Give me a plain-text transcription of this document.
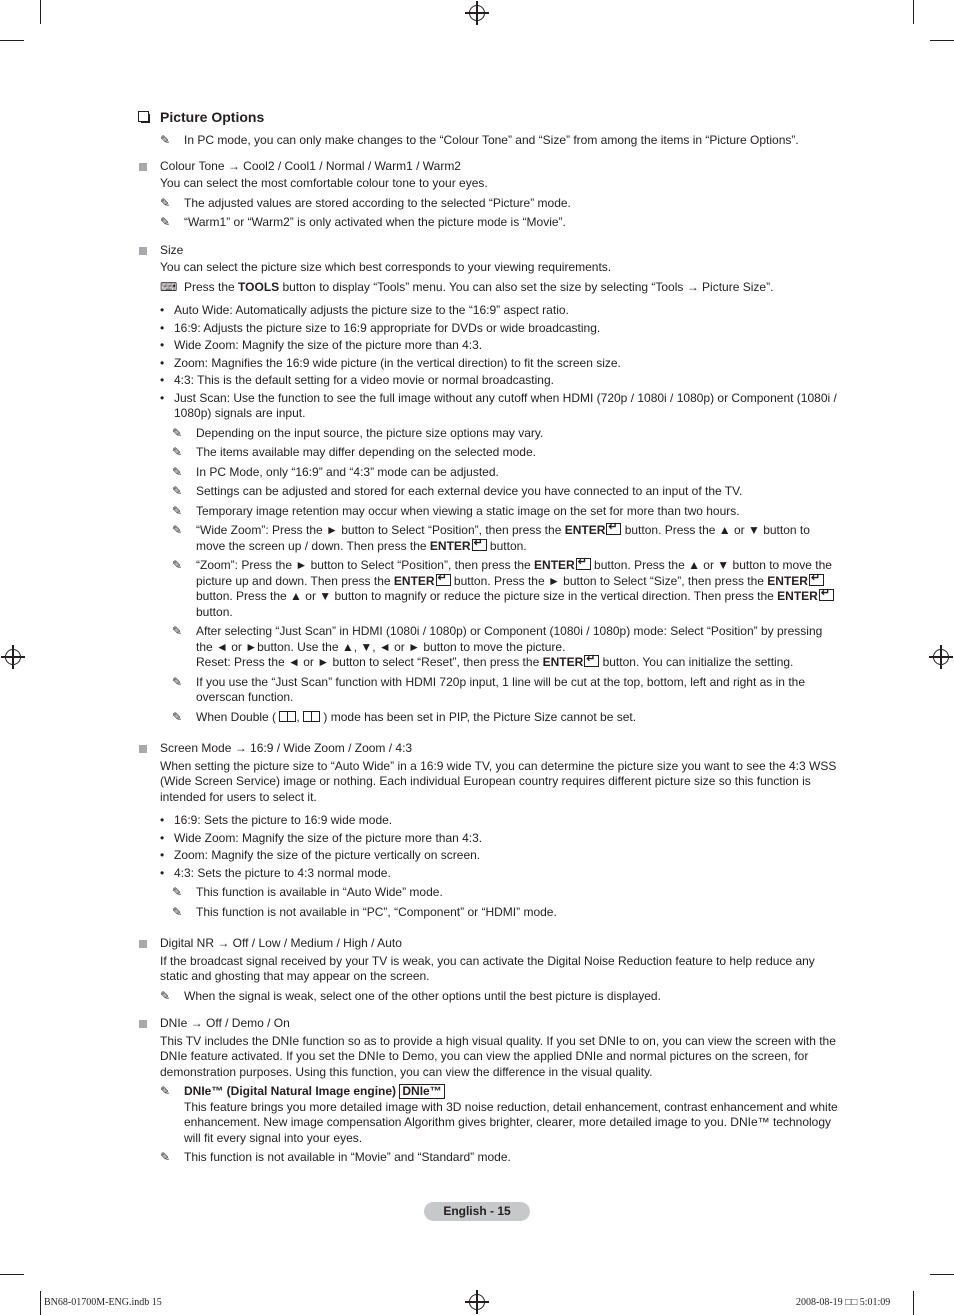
Picture Options
✎ In PC mode, you can only make changes to the “Colour Tone” and “Size” from among the items in “Picture Options”.
Colour Tone → Cool2 / Cool1 / Normal / Warm1 / Warm2
You can select the most comfortable colour tone to your eyes.
✎ The adjusted values are stored according to the selected “Picture” mode.
✎ “Warm1” or “Warm2” is only activated when the picture mode is “Movie”.
Size
You can select the picture size which best corresponds to your viewing requirements.
⌨ Press the TOOLS button to display “Tools” menu. You can also set the size by selecting “Tools → Picture Size”.
• Auto Wide: Automatically adjusts the picture size to the “16:9” aspect ratio.
• 16:9: Adjusts the picture size to 16:9 appropriate for DVDs or wide broadcasting.
• Wide Zoom: Magnify the size of the picture more than 4:3.
• Zoom: Magnifies the 16:9 wide picture (in the vertical direction) to fit the screen size.
• 4:3: This is the default setting for a video movie or normal broadcasting.
• Just Scan: Use the function to see the full image without any cutoff when HDMI (720p / 1080i / 1080p) or Component (1080i / 1080p) signals are input.
✎ Depending on the input source, the picture size options may vary.
✎ The items available may differ depending on the selected mode.
✎ In PC Mode, only “16:9” and “4:3” mode can be adjusted.
✎ Settings can be adjusted and stored for each external device you have connected to an input of the TV.
✎ Temporary image retention may occur when viewing a static image on the set for more than two hours.
✎ “Wide Zoom”: Press the ► button to Select “Position”, then press the ENTER↵ button. Press the ▲ or ▼ button to move the screen up / down. Then press the ENTER↵ button.
✎ “Zoom”: Press the ► button to Select “Position”, then press the ENTER↵ button. Press the ▲ or ▼ button to move the picture up and down. Then press the ENTER↵ button. Press the ► button to Select “Size”, then press the ENTER↵ button. Press the ▲ or ▼ button to magnify or reduce the picture size in the vertical direction. Then press the ENTER↵ button.
✎ After selecting “Just Scan” in HDMI (1080i / 1080p) or Component (1080i / 1080p) mode: Select “Position” by pressing the ◄ or ►button. Use the ▲, ▼, ◄ or ► button to move the picture.
Reset: Press the ◄ or ► button to select “Reset”, then press the ENTER↵ button. You can initialize the setting.
✎ If you use the “Just Scan” function with HDMI 720p input, 1 line will be cut at the top, bottom, left and right as in the overscan function.
✎ When Double ( , ) mode has been set in PIP, the Picture Size cannot be set.
Screen Mode → 16:9 / Wide Zoom / Zoom / 4:3
When setting the picture size to “Auto Wide” in a 16:9 wide TV, you can determine the picture size you want to see the 4:3 WSS (Wide Screen Service) image or nothing. Each individual European country requires different picture size so this function is intended for users to select it.
• 16:9: Sets the picture to 16:9 wide mode.
• Wide Zoom: Magnify the size of the picture more than 4:3.
• Zoom: Magnify the size of the picture vertically on screen.
• 4:3: Sets the picture to 4:3 normal mode.
✎ This function is available in “Auto Wide” mode.
✎ This function is not available in “PC”, “Component” or “HDMI” mode.
Digital NR → Off / Low / Medium / High / Auto
If the broadcast signal received by your TV is weak, you can activate the Digital Noise Reduction feature to help reduce any static and ghosting that may appear on the screen.
✎ When the signal is weak, select one of the other options until the best picture is displayed.
DNIe → Off / Demo / On
This TV includes the DNIe function so as to provide a high visual quality. If you set DNIe to on, you can view the screen with the DNIe feature activated. If you set the DNIe to Demo, you can view the applied DNIe and normal pictures on the screen, for demonstration purposes. Using this function, you can view the difference in the visual quality.
✎ DNIe™ (Digital Natural Image engine) DNIe™
This feature brings you more detailed image with 3D noise reduction, detail enhancement, contrast enhancement and white enhancement. New image compensation Algorithm gives brighter, clearer, more detailed image to you. DNIe™ technology will fit every signal into your eyes.
✎ This function is not available in “Movie” and “Standard” mode.
English - 15
BN68-01700M-ENG.indb 15	2008-08-19 □□ 5:01:09
